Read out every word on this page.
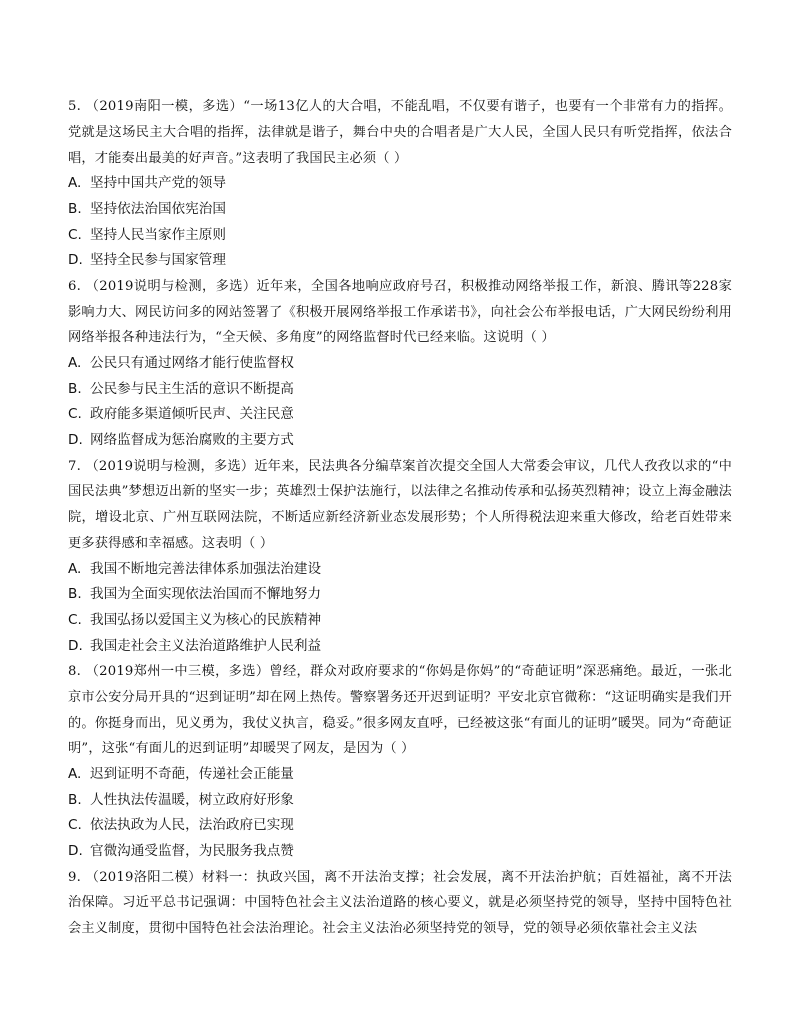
5. （2019南阳一模，多选）“一场13亿人的大合唱，不能乱唱，不仅要有谐子，也要有一个非常有力的指挥。党就是这场民主大合唱的指挥，法律就是谐子，舞台中央的合唱者是广大人民，全国人民只有听党指挥，依法合唱，才能奏出最美的好声音。”这表明了我国民主必须（ ）
A. 坚持中国共产党的领导
B. 坚持依法治国依宪治国
C. 坚持人民当家作主原则
D. 坚持全民参与国家管理
6. （2019说明与检测，多选）近年来，全国各地响应政府号召，积极推动网络举报工作，新浪、腾讯等228家影响力大、网民访问多的网站签署了《积极开展网络举报工作承诺书》，向社会公布举报电话，广大网民纷纷利用网络举报各种违法行为，“全天候、多角度”的网络监督时代已经来临。这说明（ ）
A. 公民只有通过网络才能行使监督权
B. 公民参与民主生活的意识不断提高
C. 政府能多渠道倾听民声、关注民意
D. 网络监督成为惩治腐败的主要方式
7. （2019说明与检测，多选）近年来，民法典各分编草案首次提交全国人大常委会审议，几代人孜孜以求的“中国民法典”梦想迈出新的坚实一步；英雄烈士保护法施行，以法律之名推动传承和弘扬英烈精神；设立上海金融法院，增设北京、广州互联网法院，不断适应新经济新业态发展形势；个人所得税法迎来重大修改，给老百姓带来更多获得感和幸福感。这表明（ ）
A. 我国不断地完善法律体系加强法治建设
B. 我国为全面实现依法治国而不懈地努力
C. 我国弘扬以爱国主义为核心的民族精神
D. 我国走社会主义法治道路维护人民利益
8. （2019郑州一中三模，多选）曾经，群众对政府要求的“你妈是你妈”的“奇葩证明”深恶痛绝。最近，一张北京市公安分局开具的“迟到证明”却在网上热传。警察署务还开迟到证明？平安北京官微称：“这证明确实是我们开的。你挺身而出，见义勇为，我仗义执言，稳妥。”很多网友直呼，已经被这张“有面儿的证明”暖哭。同为“奇葩证明”，这张“有面儿的迟到证明”却暖哭了网友，是因为（ ）
A. 迟到证明不奇葩，传递社会正能量
B. 人性执法传温暖，树立政府好形象
C. 依法执政为人民，法治政府已实现
D. 官微沟通受监督，为民服务我点赞
9. （2019洛阳二模）材料一：执政兴国，离不开法治支撑；社会发展，离不开法治护航；百姓福祉，离不开法治保障。习近平总书记强调：中国特色社会主义法治道路的核心要义，就是必须坚持党的领导，坚持中国特色社会主义制度，贯彻中国特色社会法治理论。社会主义法治必须坚持党的领导，党的领导必须依靠社会主义法
